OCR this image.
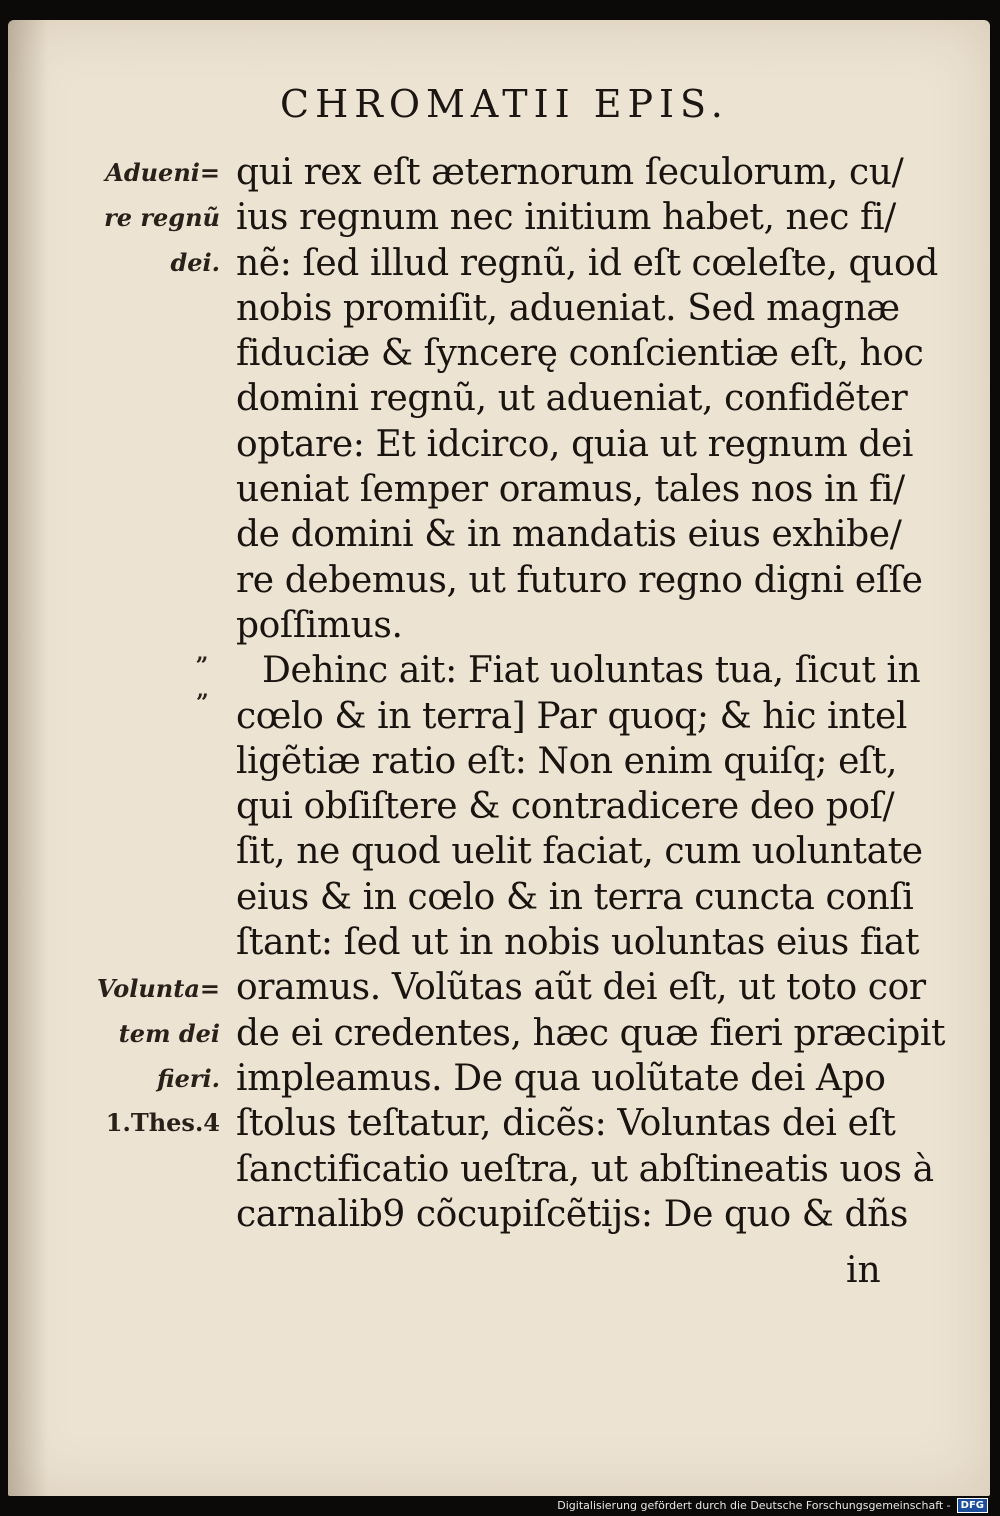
CHROMATII EPIS.
Adueni=
re regnũ
dei.
Volunta=
tem dei
fieri.
1.Thes.4
„
”
qui rex eſt æternorum ſeculorum, cu/
ius regnum nec initium habet, nec fi/
nẽ: ſed illud regnũ, id eſt cœleſte, quod
nobis promiſit, adueniat. Sed magnæ
fiduciæ & ſyncerę conſcientiæ eſt, hoc
domini regnũ, ut adueniat, confidẽter
optare: Et idcirco, quia ut regnum dei
ueniat ſemper oramus, tales nos in fi/
de domini & in mandatis eius exhibe/
re debemus, ut futuro regno digni eſſe
poſſimus.
Dehinc ait: Fiat uoluntas tua, ſicut in
cœlo & in terra] Par quoq; & hic intel
ligẽtiæ ratio eſt: Non enim quiſq; eſt,
qui obſiſtere & contradicere deo poſ/
ſit, ne quod uelit faciat, cum uoluntate
eius & in cœlo & in terra cuncta conſi
ſtant: ſed ut in nobis uoluntas eius fiat
oramus. Volũtas aũt dei eſt, ut toto cor
de ei credentes, hæc quæ fieri præcipit
impleamus. De qua uolũtate dei Apo
ſtolus teſtatur, dicẽs: Voluntas dei eſt
ſanctificatio ueſtra, ut abſtineatis uos à
carnalib9 cõcupiſcẽtijs: De quo & dñs
in
Digitalisierung gefördert durch die Deutsche Forschungsgemeinschaft -	DFG
